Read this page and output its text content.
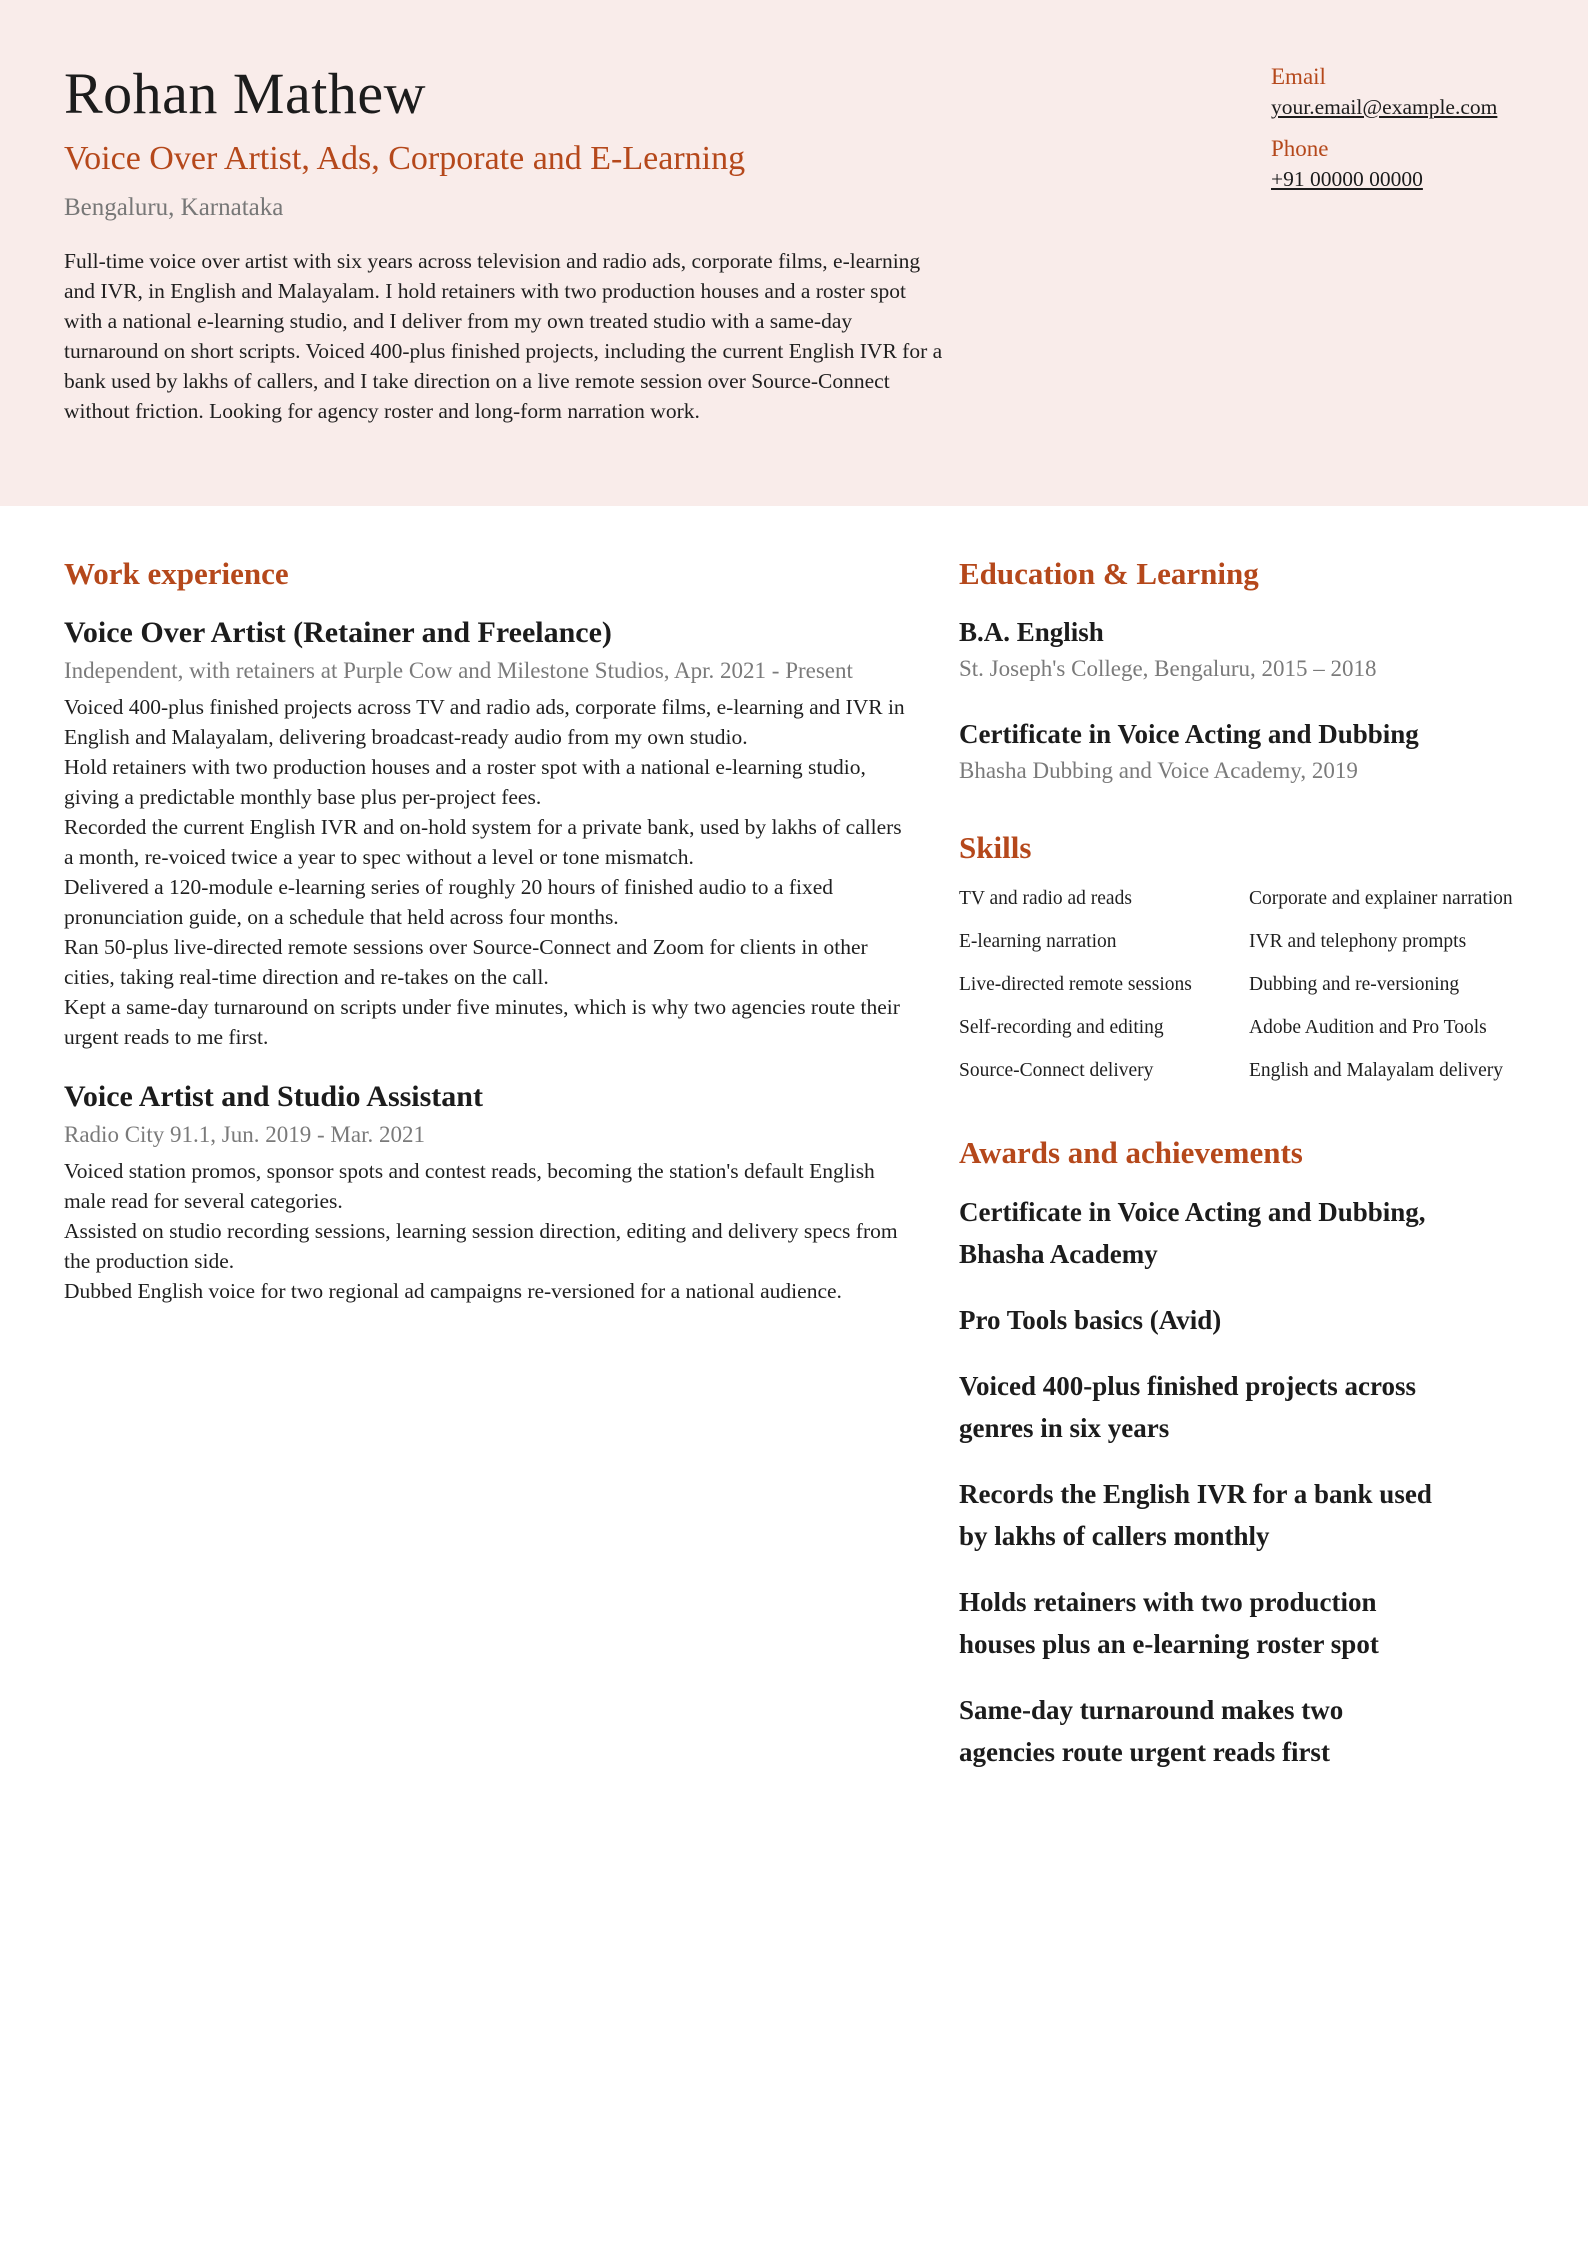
Rohan Mathew
Voice Over Artist, Ads, Corporate and E-Learning
Bengaluru, Karnataka

Full-time voice over artist with six years across television and radio ads, corporate films, e-learning and IVR, in English and Malayalam. I hold retainers with two production houses and a roster spot with a national e-learning studio, and I deliver from my own treated studio with a same-day turnaround on short scripts. Voiced 400-plus finished projects, including the current English IVR for a bank used by lakhs of callers, and I take direction on a live remote session over Source-Connect without friction. Looking for agency roster and long-form narration work.

Email
your.email@example.com
Phone
+91 00000 00000
Work experience
Voice Over Artist (Retainer and Freelance)
Independent, with retainers at Purple Cow and Milestone Studios, Apr. 2021 - Present
Voiced 400-plus finished projects across TV and radio ads, corporate films, e-learning and IVR in English and Malayalam, delivering broadcast-ready audio from my own studio.
Hold retainers with two production houses and a roster spot with a national e-learning studio, giving a predictable monthly base plus per-project fees.
Recorded the current English IVR and on-hold system for a private bank, used by lakhs of callers a month, re-voiced twice a year to spec without a level or tone mismatch.
Delivered a 120-module e-learning series of roughly 20 hours of finished audio to a fixed pronunciation guide, on a schedule that held across four months.
Ran 50-plus live-directed remote sessions over Source-Connect and Zoom for clients in other cities, taking real-time direction and re-takes on the call.
Kept a same-day turnaround on scripts under five minutes, which is why two agencies route their urgent reads to me first.
Voice Artist and Studio Assistant
Radio City 91.1, Jun. 2019 - Mar. 2021
Voiced station promos, sponsor spots and contest reads, becoming the station's default English male read for several categories.
Assisted on studio recording sessions, learning session direction, editing and delivery specs from the production side.
Dubbed English voice for two regional ad campaigns re-versioned for a national audience.
Education & Learning
B.A. English
St. Joseph's College, Bengaluru, 2015 – 2018
Certificate in Voice Acting and Dubbing
Bhasha Dubbing and Voice Academy, 2019
Skills
TV and radio ad reads	Corporate and explainer narration
E-learning narration	IVR and telephony prompts
Live-directed remote sessions	Dubbing and re-versioning
Self-recording and editing	Adobe Audition and Pro Tools
Source-Connect delivery	English and Malayalam delivery
Awards and achievements
Certificate in Voice Acting and Dubbing, Bhasha Academy
Pro Tools basics (Avid)
Voiced 400-plus finished projects across genres in six years
Records the English IVR for a bank used by lakhs of callers monthly
Holds retainers with two production houses plus an e-learning roster spot
Same-day turnaround makes two agencies route urgent reads first
